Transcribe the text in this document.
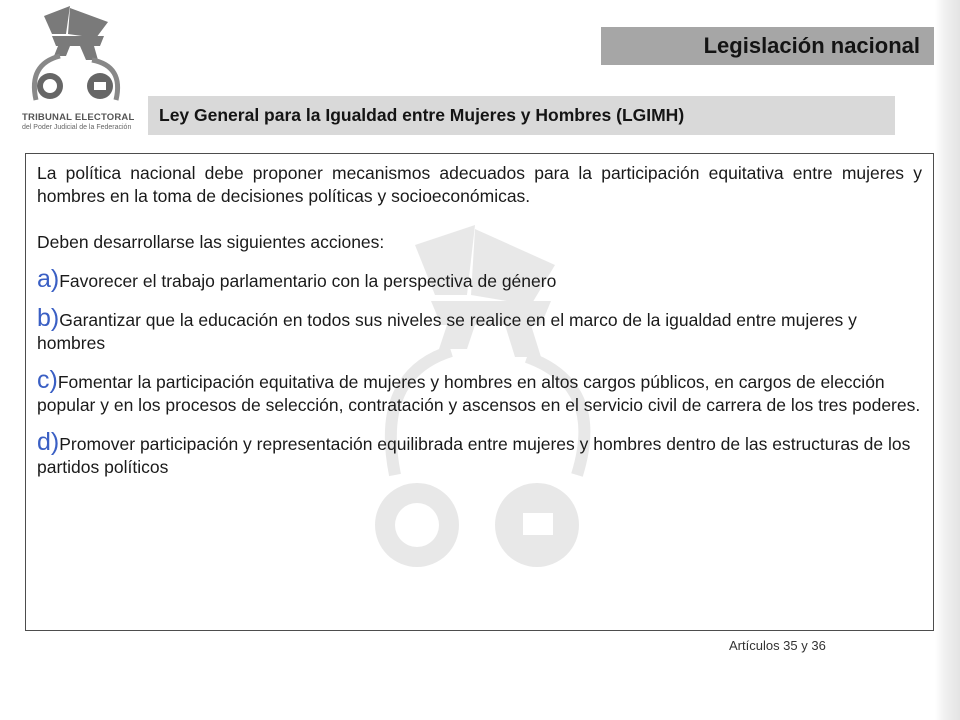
TRIBUNAL ELECTORAL
del Poder Judicial de la Federación
Legislación nacional
Ley General para la Igualdad entre Mujeres y Hombres (LGIMH)

La política nacional debe proponer mecanismos adecuados para la participación equitativa entre mujeres y hombres en la toma de decisiones políticas y socioeconómicas.

Deben desarrollarse las siguientes acciones:

a)Favorecer el trabajo parlamentario con la perspectiva de género

b)Garantizar que la educación en todos sus niveles se realice en el marco de la igualdad entre mujeres y hombres

c)Fomentar la participación equitativa de mujeres y hombres en altos cargos públicos, en cargos de elección popular y en los procesos de selección, contratación y ascensos en el servicio civil de carrera de los tres poderes.

d)Promover participación y representación equilibrada entre mujeres y hombres dentro de las estructuras de los partidos políticos

Artículos 35 y 36
